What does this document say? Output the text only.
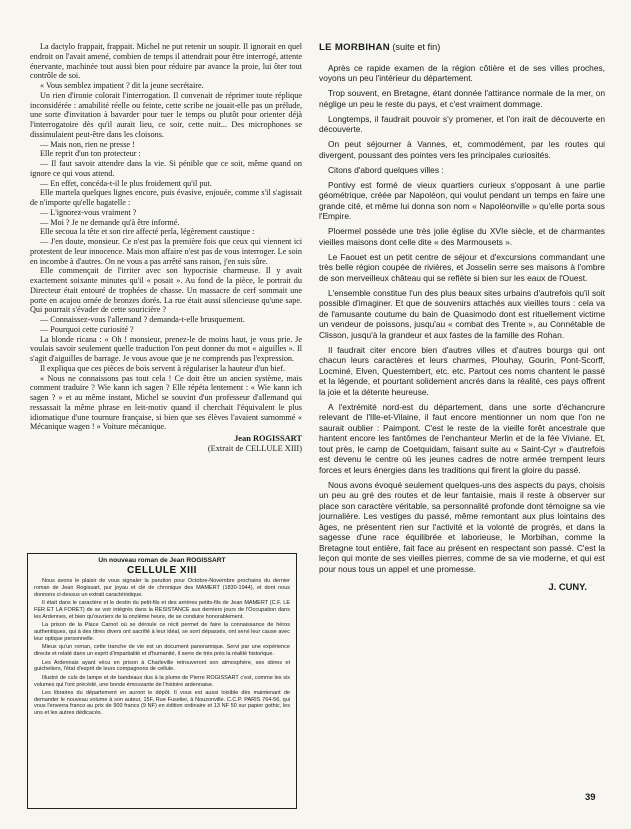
La dactylo frappait, frappait. Michel ne put retenir un soupir. Il ignorait en quel endroit on l'avait amené, combien de temps il attendrait pour être interrogé, attente énervante, machinée tout aussi bien pour réduire par avance la proie, lui ôter tout contrôle de soi.

« Vous semblez impatient ? dit la jeune secrétaire.

Un rien d'ironie colorait l'interrogation. Il convenait de réprimer toute réplique inconsidérée : amabilité réelle ou feinte, cette scribe ne jouait-elle pas un prélude, une sorte d'invitation à bavarder pour tuer le temps ou plutôt pour orienter déjà l'interrogatoire dès qu'il aurait lieu, ce soir, cette nuit... Des microphones se dissimulaient peut-être dans les cloisons.

— Mais non, rien ne presse !

Elle reprit d'un ton protecteur :

— Il faut savoir attendre dans la vie. Si pénible que ce soit, même quand on ignore ce qui vous attend.

— En effet, concéda-t-il le plus froidement qu'il put.

Elle martela quelques lignes encore, puis évasive, enjouée, comme s'il s'agissait de n'importe qu'elle bagatelle :

— L'ignorez-vous vraiment ?

— Moi ? Je ne demande qu'à être informé.

Elle secoua la tête et son rire affecté perla, légèrement caustique :

— J'en doute, monsieur. Ce n'est pas la première fois que ceux qui viennent ici protestent de leur innocence. Mais mon affaire n'est pas de vous interroger. Le soin en incombe à d'autres. On ne vous a pas arrêté sans raison, j'en suis sûre.

Elle commençait de l'irriter avec son hypocrisie charmeuse. Il y avait exactement soixante minutes qu'il « posait ». Au fond de la pièce, le portrait du Directeur était entouré de trophées de chasse. Un massacre de cerf sommait une porte en acajou ornée de bronzes dorés. La rue était aussi silencieuse qu'une sape. Qui pourrait s'évader de cette souricière ?

— Connaissez-vous l'allemand ? demanda-t-elle brusquement.

— Pourquoi cette curiosité ?

La blonde ricana : « Oh ! monsieur, prenez-le de moins haut, je vous prie. Je voulais savoir seulement quelle traduction l'on peut donner du mot « aiguilles ». Il s'agit d'aiguilles de barrage. Je vous avoue que je ne comprends pas l'expression.

Il expliqua que ces pièces de bois servent à régulariser la hauteur d'un bief.

« Nous ne connaissons pas tout cela ! Ce doit être un ancien système, mais comment traduire ? Wie kann ich sagen ? Elle répéta lentement : « Wie kann ich sagen ? » et au même instant, Michel se souvint d'un professeur d'allemand qui ressassait la même phrase en leit-motiv quand il cherchait l'équivalent le plus idiomatique d'une tournure française, si bien que ses élèves l'avaient surnommé « Mécanique wagen ! » Voiture mécanique.

Jean ROGISSART
(Extrait de CELLULE XIII)
Un nouveau roman de Jean ROGISSART
CELLULE XIII

Nous avons le plaisir de vous signaler la parution pour Octobre-Novembre prochains du dernier roman de Jean Rogissart, pur joyau et clé de chronique des MAMERT (1830-1944), et dont nous donnons ci-dessus un extrait caractéristique.

Il était dans le caractère et le destin du petit-fils et des arrières petits-fils de Jean MAMERT (C.F. LE FER ET LA FORET) de se voir intégrés dans la RESISTANCE aux derniers jours de l'Occupation dans les Ardennes, et bien qu'ouvriers de la onzième heure, de se conduire honorablement.

La prison de la Place Carnot où se déroule ce récit permet de faire la connaissance de héros authentiques, qui à des titres divers ont sacrifié à leur idéal, se sont dépassés, ont servi leur cause avec leur optique personnelle.

Mieux qu'un roman, cette tranche de vie est un document panoramique. Servi par une expérience directe et relaté dans un esprit d'impartialité et d'humanité, il serre de très près la réalité historique.

Les Ardennais ayant vécu en prison à Charleville retrouveront son atmosphère, ses sbires et guichetiers, l'état d'esprit de leurs compagnons de cellule.

Illustré de culs de lampe et de bandeaux dus à la plume de Pierre ROGISSART c'est, comme les six volumes qui l'ont précédé, une bonde émouvante de l'histoire ardennaise.

Les libraires du département en auront le dépôt. Il vous est aussi loisible dès maintenant de demander le nouveau volume à son auteur, 15F, Rue Fuselier, à Nouzonville. C.C.P. PARIS 764-56, qui vous l'enverra franco au prix de 900 francs (9 NF) en édition ordinaire et 13 NF 50 sur papier gothic, les uns et les autres dédicacés.

LE MORBIHAN (suite et fin)

Après ce rapide examen de la région côtière et de ses villes proches, voyons un peu l'intérieur du département.

Trop souvent, en Bretagne, étant donnée l'attirance normale de la mer, on néglige un peu le reste du pays, et c'est vraiment dommage.

Longtemps, il faudrait pouvoir s'y promener, et l'on irait de découverte en découverte.

On peut séjourner à Vannes, et, commodément, par les routes qui divergent, poussant des pointes vers les principales curiosités.

Citons d'abord quelques villes :

Pontivy est formé de vieux quartiers curieux s'opposant à une partie géométrique, créée par Napoléon, qui voulut pendant un temps en faire une grande cité, et même lui donna son nom « Napoléonville » qu'elle porta sous l'Empire.

Ploermel possède une très jolie église du XVIe siècle, et de charmantes vieilles maisons dont celle dite « des Marmousets ».

Le Faouet est un petit centre de séjour et d'excursions commandant une très belle région coupée de rivières, et Josselin serre ses maisons à l'ombre de son merveilleux château qui se reflète si bien sur les eaux de l'Ouest.

L'ensemble constitue l'un des plus beaux sites urbains d'autrefois qu'il soit possible d'imaginer. Et que de souvenirs attachés aux vieilles tours : cela va de l'amusante coutume du bain de Quasimodo dont est rituellement victime un vendeur de poissons, jusqu'au « combat des Trente », au Connétable de Clisson, jusqu'à la grandeur et aux fastes de la famille des Rohan.

Il faudrait citer encore bien d'autres villes et d'autres bourgs qui ont chacun leurs caractères et leurs charmes, Plouhay, Gourin, Pont-Scorff, Locminé, Elven, Questembert, etc. etc. Partout ces noms chantent le passé et la légende, et pourtant solidement ancrés dans la réalité, ces pays offrent la joie et la détente heureuse.

A l'extrémité nord-est du département, dans une sorte d'échancrure relevant de l'Ille-et-Vilaine, il faut encore mentionner un nom que l'on ne saurait oublier : Paimpont. C'est le reste de la vieille forêt ancestrale que hantent encore les fantômes de l'enchanteur Merlin et de la fée Viviane. Et, tout près, le camp de Coetquidam, faisant suite au « Saint-Cyr » d'autrefois est devenu le centre où les jeunes cadres de notre armée trempent leurs forces et leurs énergies dans les traditions qui firent la gloire du passé.

Nous avons évoqué seulement quelques-uns des aspects du pays, choisis un peu au gré des routes et de leur fantaisie, mais il reste à observer sur place son caractère véritable, sa personnalité profonde dont témoigne sa vie journalière. Les vestiges du passé, même remontant aux plus lointains des âges, ne présentent rien sur l'activité et la volonté de progrès, et dans la sagesse d'une race équilibrée et laborieuse, le Morbihan, comme la Bretagne tout entière, fait face au présent en respectant son passé. C'est la leçon qui monte de ses vieilles pierres, comme de sa vie moderne, et qui est pour nous tous un appel et une promesse.

J. CUNY.
39
